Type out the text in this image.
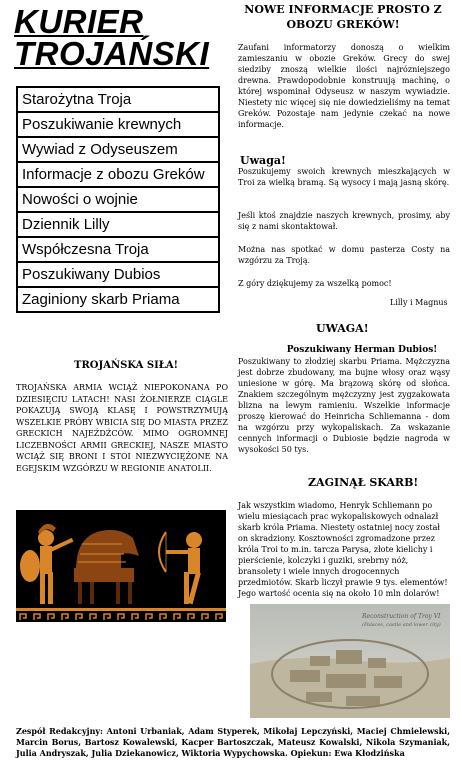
KURIER
TROJAŃSKI
Starożytna Troja
Poszukiwanie krewnych
Wywiad z Odyseuszem
Informacje z obozu Greków
Nowości o wojnie
Dziennik Lilly
Współczesna Troja
Poszukiwany Dubios
Zaginiony skarb Priama
NOWE INFORMACJE PROSTO Z OBOZU GREKÓW!
Zaufani informatorzy donoszą o wielkim zamieszaniu w obozie Greków. Grecy do swej siedziby znoszą wielkie ilości najrózniejszego drewna. Prawdopodobnie konstruują machinę, o której wspominał Odyseusz w naszym wywiadzie. Niestety nic więcej się nie dowiedzieliśmy na temat Greków. Pozostaje nam jedynie czekać na nowe informacje.
Uwaga!
Poszukujemy swoich krewnych mieszkających w Troi za wielką bramą. Są wysocy i mają jasną skórę.
Jeśli ktoś znajdzie naszych krewnych, prosimy, aby się z nami skontaktował.
Można nas spotkać w domu pasterza Costy na wzgórzu za Troją.
Z góry dziękujemy za wszelką pomoc!
Lilly i Magnus
UWAGA!
Poszukiwany Herman Dubios!
Poszukiwany to złodziej skarbu Priama. Mężczyzna jest dobrze zbudowany, ma bujne włosy oraz wąsy uniesione w górę. Ma brązową skórę od słońca. Znakiem szczególnym mężczyzny jest zygzakowata blizna na lewym ramieniu. Wszelkie informacje proszę kierować do Heinricha Schliemanna - dom na wzgórzu przy wykopaliskach. Za wskazanie cennych informacji o Dubiosie będzie nagroda w wysokości 50 tys.
ZAGINĄŁ SKARB!
Jak wszystkim wiadomo, Henryk Schliemann po wielu miesiącach prac wykopaliskowych odnalazł skarb króla Priama. Niestety ostatniej nocy został on skradziony. Kosztowności zgromadzone przez króla Troi to m.in. tarcza Parysa, złote kielichy i pierścienie, kolczyki i guziki, srebrny nóż, bransolety i wiele innych drogocennych przedmiotów. Skarb liczył prawie 9 tys. elementów! Jego wartość ocenia się na około 10 mln dolarów!
TROJAŃSKA SIŁA!
TROJAŃSKA ARMIA WCIĄŻ NIEPOKONANA PO DZIESIĘCIU LATACH! NASI ŻOŁNIERZE CIĄGLE POKAZUJĄ SWOJĄ KLASĘ I POWSTRZYMUJĄ WSZELKIE PRÓBY WBICIA SIĘ DO MIASTA PRZEZ GRECKICH NAJEŹDŹCÓW. MIMO OGROMNEJ LICZEBNOŚCI ARMII GRECKIEJ, NASZE MIASTO WCIĄŻ SIĘ BRONI I STOI NIEZWYCIĘŻONE NA EGEJSKIM WZGÓRZU W REGIONIE ANATOLII.
Reconstruction of Troy VI
(Palaces, castle and lower city)
Zespół Redakcyjny: Antoni Urbaniak, Adam Styperek, Mikołaj Lepczyński, Maciej Chmielewski, Marcin Borus, Bartosz Kowalewski, Kacper Bartoszczak, Mateusz Kowalski, Nikola Szymaniak, Julia Andryszak, Julia Dziekanowicz, Wiktoria Wypychowska. Opiekun: Ewa Kłodzińska
